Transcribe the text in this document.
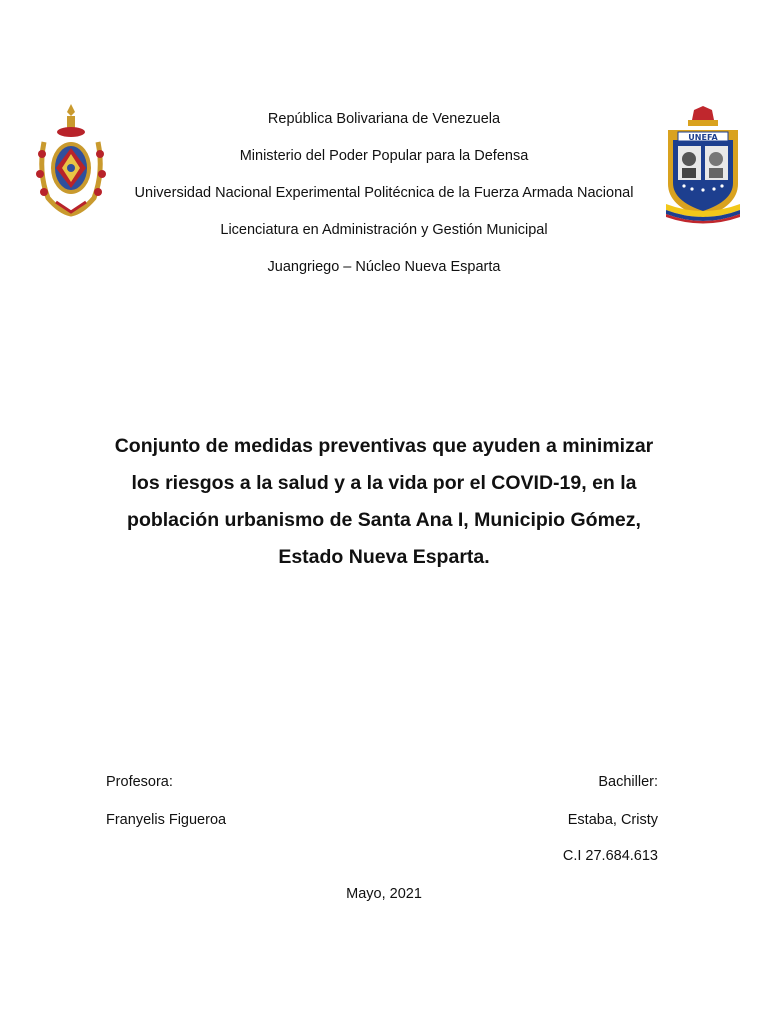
UNEFA
República Bolivariana de Venezuela
Ministerio del Poder Popular para la Defensa
Universidad Nacional Experimental Politécnica de la Fuerza Armada Nacional
Licenciatura en Administración y Gestión Municipal
Juangriego – Núcleo Nueva Esparta
Conjunto de medidas preventivas que ayuden a minimizar
los riesgos a la salud y a la vida por el COVID-19, en la
población urbanismo de Santa Ana I, Municipio Gómez,
Estado Nueva Esparta.
Profesora:	Bachiller:
Franyelis Figueroa	Estaba, Cristy
C.I 27.684.613
Mayo, 2021
